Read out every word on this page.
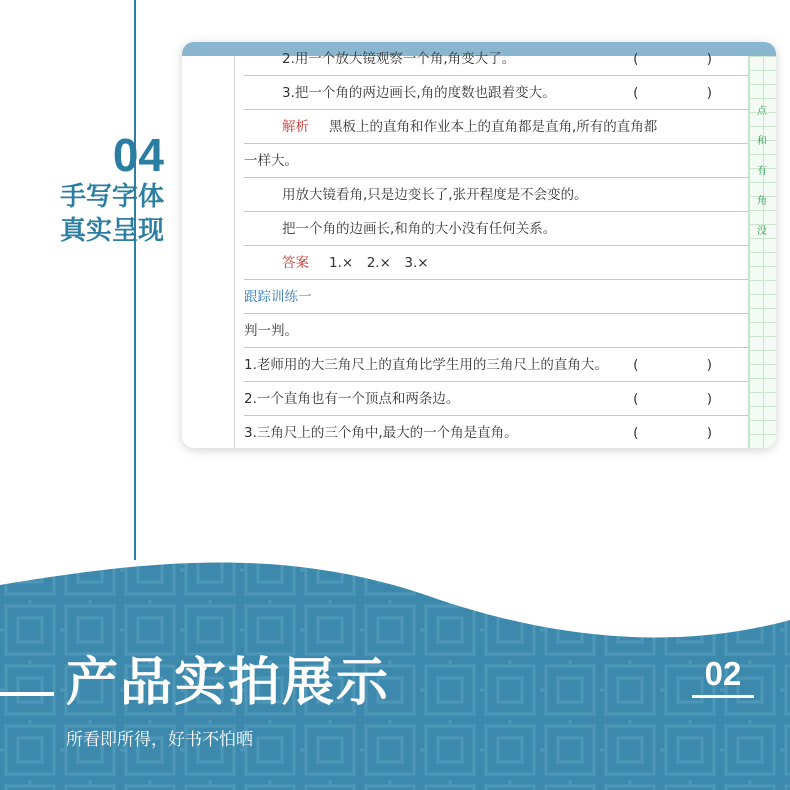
04
手写字体
真实呈现
点
和
有
角
没
2.用一个放大镜观察一个角,角变大了。	( )
3.把一个角的两边画长,角的度数也跟着变大。	( )
解析 黑板上的直角和作业本上的直角都是直角,所有的直角都
一样大。
用放大镜看角,只是边变长了,张开程度是不会变的。
把一个角的边画长,和角的大小没有任何关系。
答案 1.×　2.×　3.×
跟踪训练一
判一判。
1.老师用的大三角尺上的直角比学生用的三角尺上的直角大。 ( )
2.一个直角也有一个顶点和两条边。	( )
3.三角尺上的三个角中,最大的一个角是直角。	( )
产品实拍展示
所看即所得，好书不怕晒
02
